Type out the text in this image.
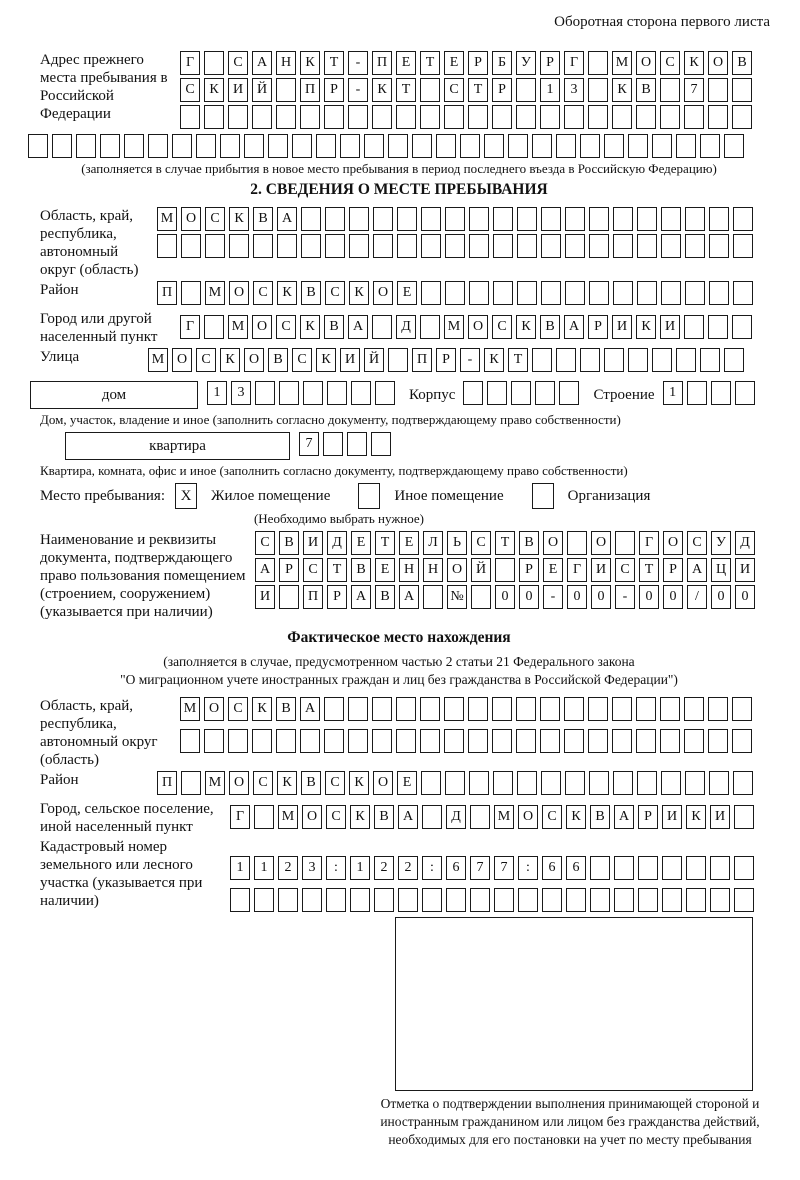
Оборотная сторона первого листа
Адрес прежнего места пребывания в Российской Федерации
Г	С	А Н	К	Т	-	П	Е	Т	Е	Р	Б	У	Р	Г	М О	С	К	О	В
С	К	И Й	П	Р	-	К	Т	С	Т	Р	1	3	К	В	7
(заполняется в случае прибытия в новое место пребывания в период последнего въезда в Российскую Федерацию)
2. СВЕДЕНИЯ О МЕСТЕ ПРЕБЫВАНИЯ
Область, край, республика, автономный округ (область)
М О	С	К	В	А
Район	П	М О	С	К	В	С	К	О	Е
Город или другой населенный пункт
Г	М О	С	К	В	А	Д	М О	С	К	В	А	Р	И	К	И
Улица	М О	С	К	О	В	С	К	И Й	П	Р	-	К	Т
дом	1	3	Корпус	Строение	1
Дом, участок, владение и иное (заполнить согласно документу, подтверждающему право собственности)
квартира	7
Квартира, комната, офис и иное (заполнить согласно документу, подтверждающему право собственности)
Место пребывания:	X	Жилое помещение	Иное помещение	Организация
(Необходимо выбрать нужное)
Наименование и реквизиты документа, подтверждающего право пользования помещением (строением, сооружением) (указывается при наличии)
С	В	И	Д	Е	Т	Е	Л	Ь	С	Т	В	О	О	Г	О	С	У	Д
А	Р	С	Т	В	Е	Н Н О Й	Р	Е	Г	И	С	Т	Р	А Ц И
И	П	Р	А	В	А	№	0	0	-	0	0	-	0	0	/	0	0
Фактическое место нахождения
(заполняется в случае, предусмотренном частью 2 статьи 21 Федерального закона
"О миграционном учете иностранных граждан и лиц без гражданства в Российской Федерации")
Область, край, республика, автономный округ (область)
М О	С	К	В	А
Район	П	М О	С	К	В	С	К	О	Е
Город, сельское поселение, иной населенный пункт
Г	М О	С	К	В	А	Д	М О	С	К	В	А	Р	И	К	И
Кадастровый номер земельного или лесного участка (указывается при наличии)
1	1	2	3	:	1	2	2	:	6	7	7	:	6	6
Отметка о подтверждении выполнения принимающей стороной и иностранным гражданином или лицом без гражданства действий, необходимых для его постановки на учет по месту пребывания
